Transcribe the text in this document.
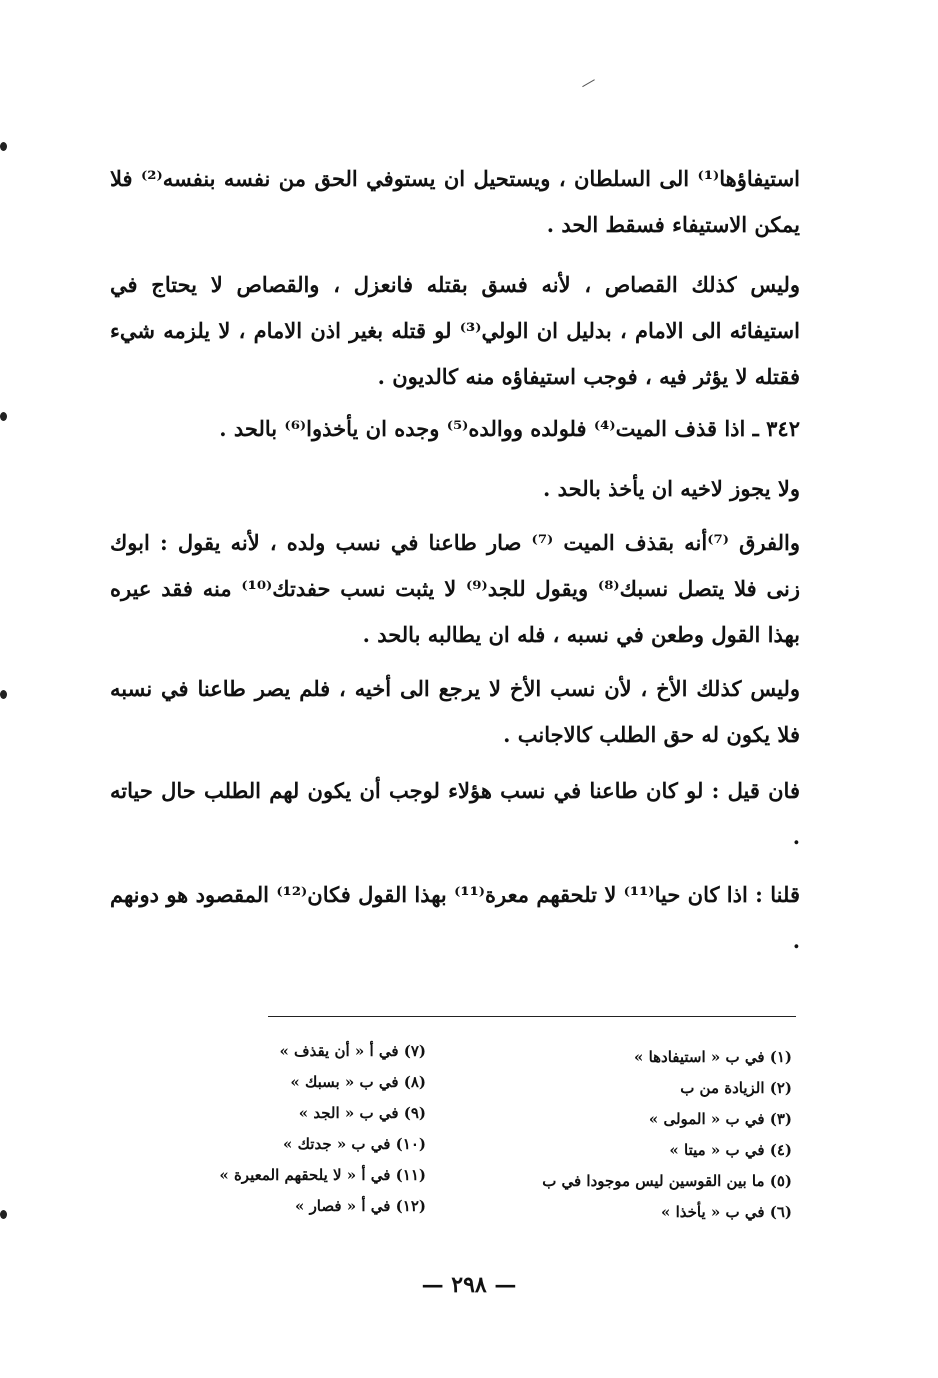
استيفاؤها⁽¹⁾ الى السلطان ، ويستحيل ان يستوفي الحق من نفسه بنفسه⁽²⁾ فلا يمكن الاستيفاء فسقط الحد .

وليس كذلك القصاص ، لأنه فسق بقتله فانعزل ، والقصاص لا يحتاج في استيفائه الى الامام ، بدليل ان الولي⁽³⁾ لو قتله بغير اذن الامام ، لا يلزمه شيء فقتله لا يؤثر فيه ، فوجب استيفاؤه منه كالديون .

٣٤٢ ـ اذا قذف الميت⁽⁴⁾ فلولده ووالده⁽⁵⁾ وجده ان يأخذوا⁽⁶⁾ بالحد .

ولا يجوز لاخيه ان يأخذ بالحد .

والفرق ⁽⁷⁾أنه بقذف الميت ⁽⁷⁾ صار طاعنا في نسب ولده ، لأنه يقول : ابوك زنى فلا يتصل نسبك⁽⁸⁾ ويقول للجد⁽⁹⁾ لا يثبت نسب حفدتك⁽¹⁰⁾ منه فقد عيره بهذا القول وطعن في نسبه ، فله ان يطالبه بالحد .

وليس كذلك الأخ ، لأن نسب الأخ لا يرجع الى أخيه ، فلم يصر طاعنا في نسبه فلا يكون له حق الطلب كالاجانب .

فان قيل : لو كان طاعنا في نسب هؤلاء لوجب أن يكون لهم الطلب حال حياته .

قلنا : اذا كان حيا⁽¹¹⁾ لا تلحقهم معرة⁽¹¹⁾ بهذا القول فكان⁽¹²⁾ المقصود هو دونهم .

(١) في ب « استيفادها »
(٢) الزيادة من ب
(٣) في ب « المولى »
(٤) في ب « ميتا »
(٥) ما بين القوسين ليس موجودا في ب
(٦) في ب « يأخذا »
(٧) في أ « أن يقذف »
(٨) في ب « بسبك »
(٩) في ب « الجد »
(١٠) في ب « جدتك »
(١١) في أ « لا يلحقهم المعيرة »
(١٢) في أ « فصار »
— ٢٩٨ —
